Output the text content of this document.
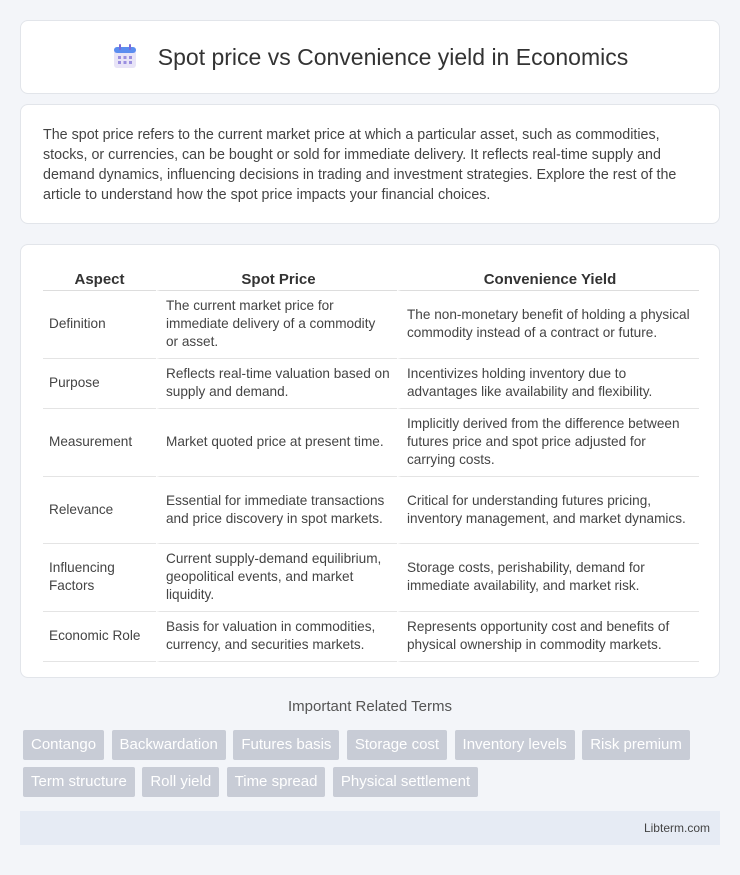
Spot price vs Convenience yield in Economics

The spot price refers to the current market price at which a particular asset, such as commodities, stocks, or currencies, can be bought or sold for immediate delivery. It reflects real-time supply and demand dynamics, influencing decisions in trading and investment strategies. Explore the rest of the article to understand how the spot price impacts your financial choices.

Aspect	Spot Price	Convenience Yield
Definition	The current market price for immediate delivery of a commodity or asset.	The non-monetary benefit of holding a physical commodity instead of a contract or future.
Purpose	Reflects real-time valuation based on supply and demand.	Incentivizes holding inventory due to advantages like availability and flexibility.
Measurement	Market quoted price at present time.	Implicitly derived from the difference between futures price and spot price adjusted for carrying costs.
Relevance	Essential for immediate transactions and price discovery in spot markets.	Critical for understanding futures pricing, inventory management, and market dynamics.
Influencing Factors	Current supply-demand equilibrium, geopolitical events, and market liquidity.	Storage costs, perishability, demand for immediate availability, and market risk.
Economic Role	Basis for valuation in commodities, currency, and securities markets.	Represents opportunity cost and benefits of physical ownership in commodity markets.
Important Related Terms
Contango Backwardation Futures basis Storage cost Inventory levels Risk premium Term structure Roll yield Time spread Physical settlement
Libterm.com
